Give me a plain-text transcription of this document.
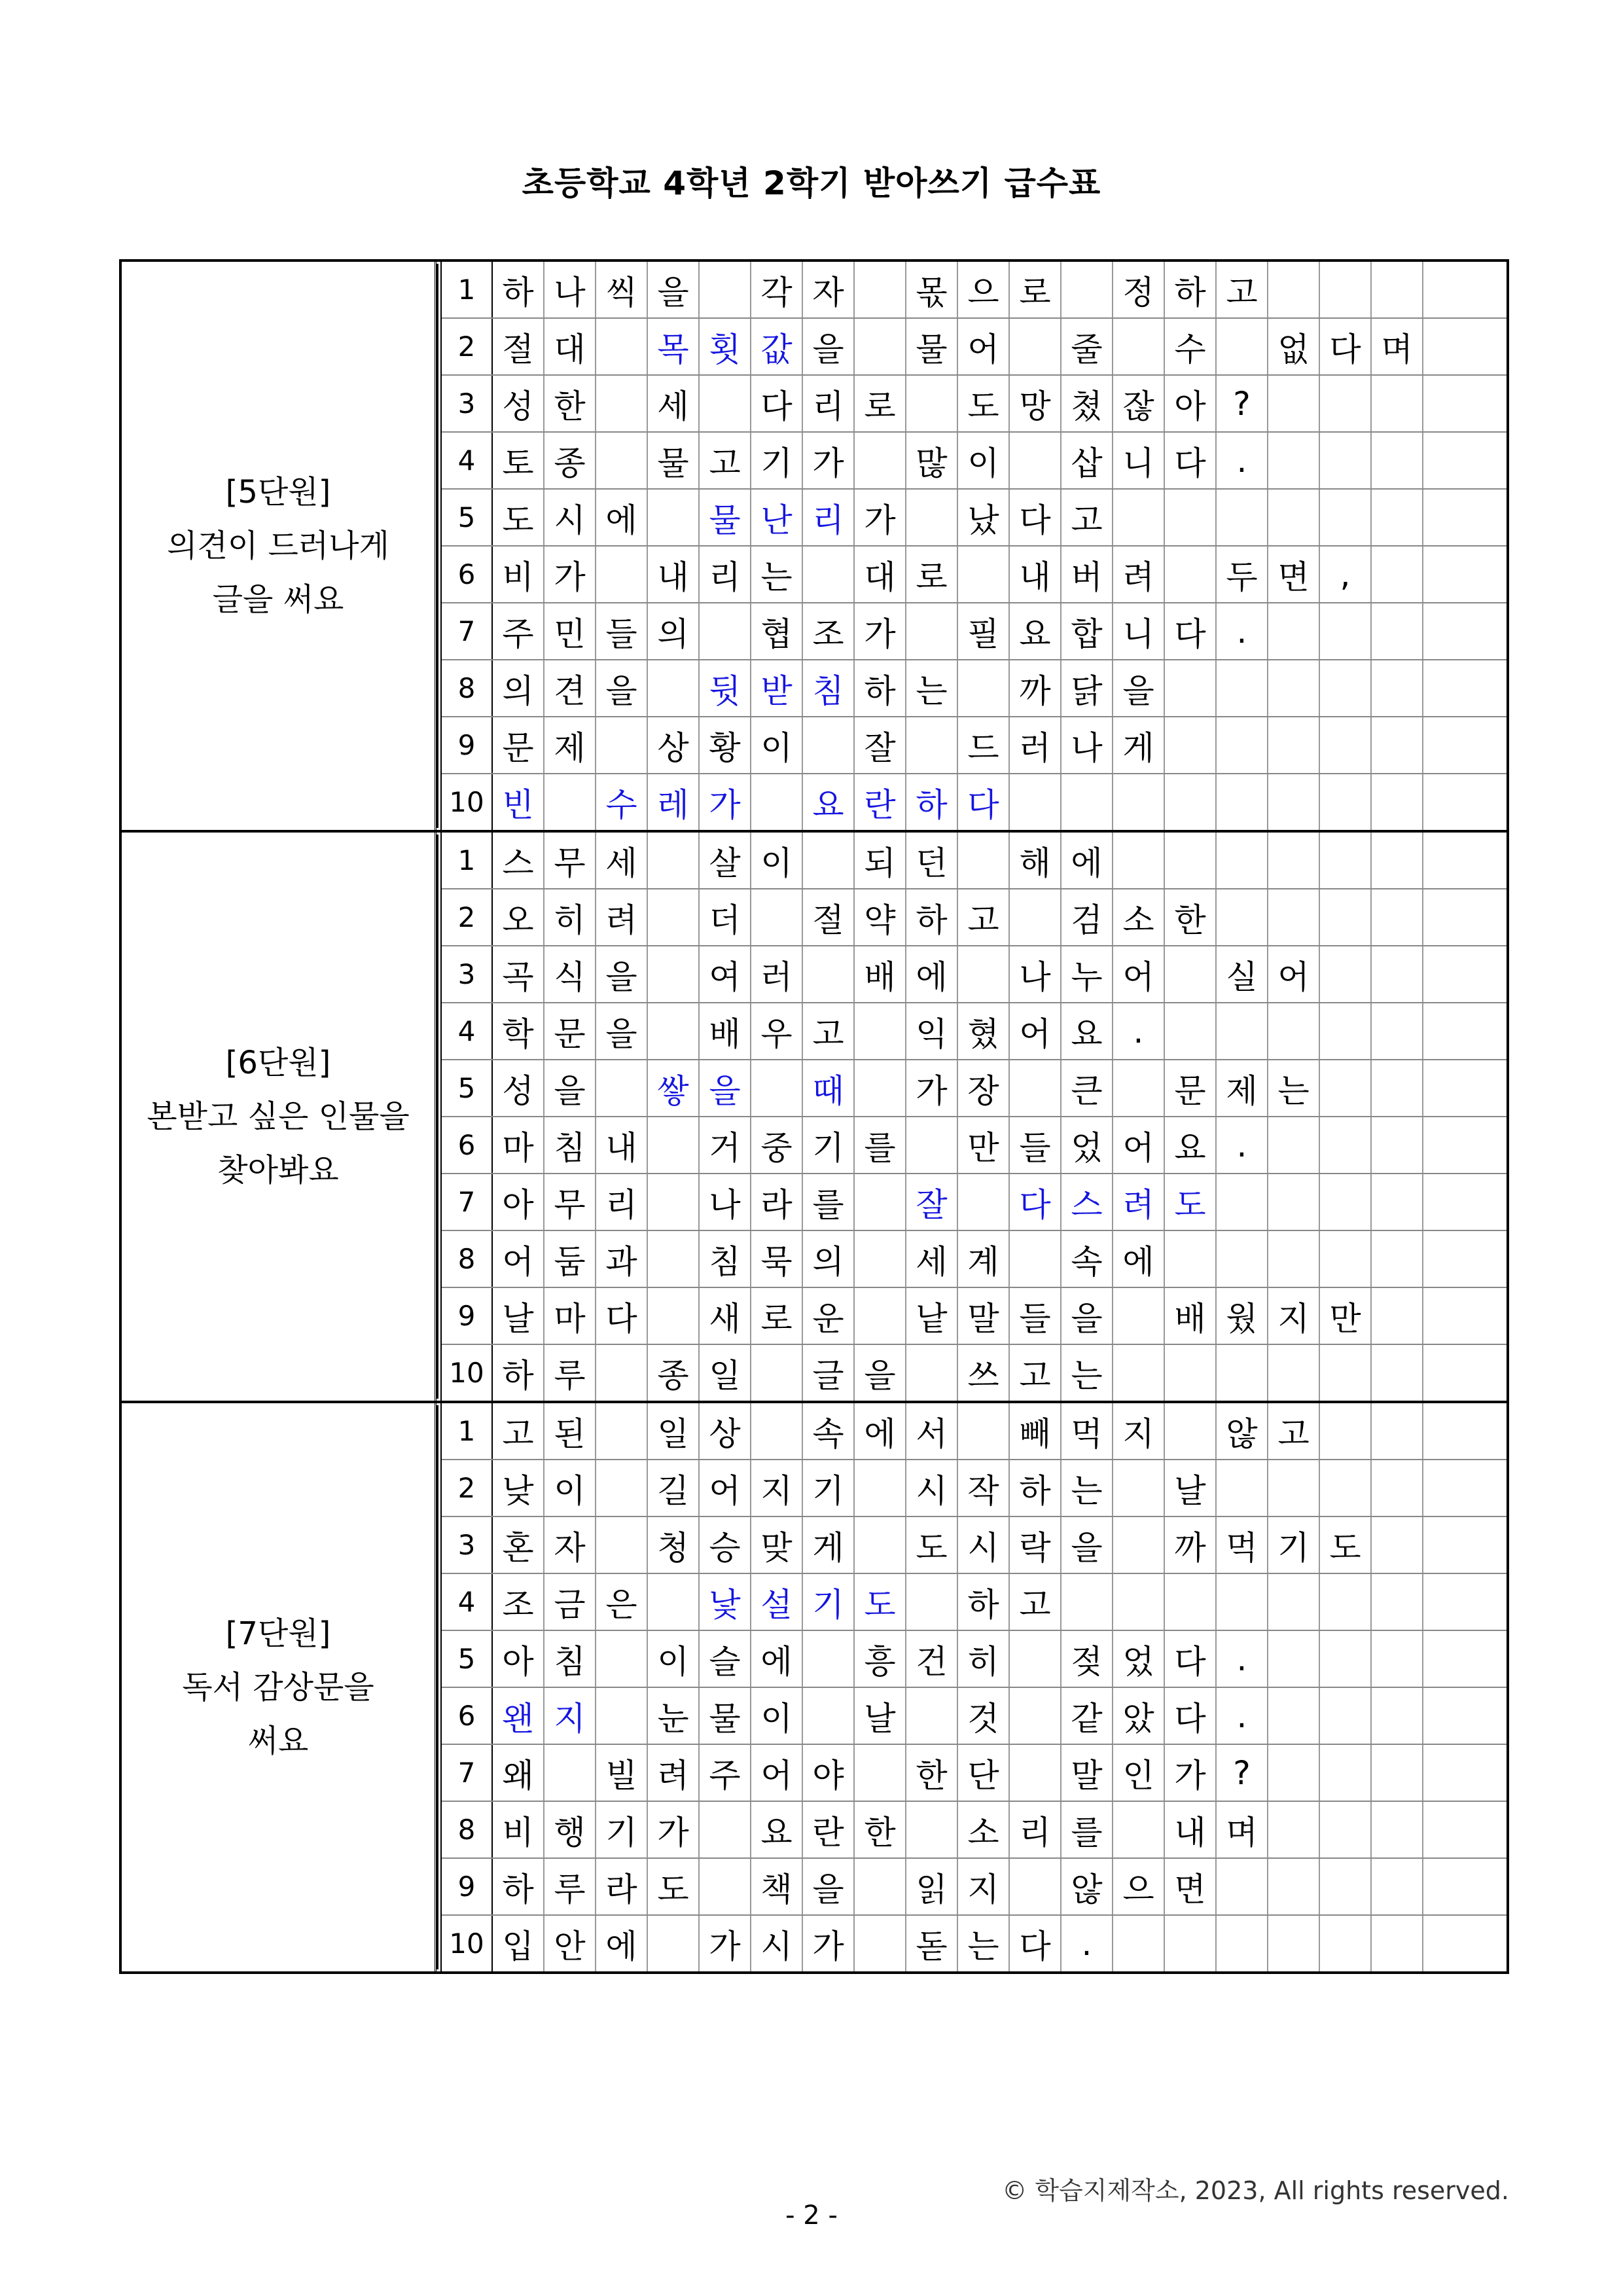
초등학교 4학년 2학기 받아쓰기 급수표
[5단원]
의견이 드러나게
글을 써요
1 하 나 씩 을	각 자	몫 으 로	정 하 고
2 절 대	목 횟 값 을	물 어	줄	수	없 다 며
3 성 한	세	다 리 로	도 망 쳤 잖 아 ?
4 토 종	물 고 기 가	많 이	삽 니 다 .
5 도 시 에	물 난 리 가	났 다 고
6 비 가	내 리 는	대 로	내 버 려	두 면 ,
7 주 민 들 의	협 조 가	필 요 합 니 다 .
8 의 견 을	뒷 받 침 하 는	까 닭 을
9 문 제	상 황 이	잘	드 러 나 게
10 빈	수 레 가	요 란 하 다
[6단원]
본받고 싶은 인물을
찾아봐요
1 스 무 세	살 이	되 던	해 에
2 오 히 려	더	절 약 하 고	검 소 한
3 곡 식 을	여 러	배 에	나 누 어	실 어
4 학 문 을	배 우 고	익 혔 어 요 .
5 성 을	쌓 을	때	가 장	큰	문 제 는
6 마 침 내	거 중 기 를	만 들 었 어 요 .
7 아 무 리	나 라 를	잘	다 스 려 도
8 어 둠 과	침 묵 의	세 계	속 에
9 날 마 다	새 로 운	낱 말 들 을	배 웠 지 만
10 하 루	종 일	글 을	쓰 고 는
[7단원]
독서 감상문을
써요
1 고 된	일 상	속 에 서	빼 먹 지	않 고
2 낮 이	길 어 지 기	시 작 하 는	날
3 혼 자	청 승 맞 게	도 시 락 을	까 먹 기 도
4 조 금 은	낯 설 기 도	하 고
5 아 침	이 슬 에	흥 건 히	젖 었 다 .
6 왠 지	눈 물 이	날	것	같 았 다 .
7 왜	빌 려 주 어 야	한 단	말 인 가 ?
8 비 행 기 가	요 란 한	소 리 를	내 며
9 하 루 라 도	책 을	읽 지	않 으 면
10 입 안 에	가 시 가	돋 는 다 .
© 학습지제작소, 2023, All rights reserved.
- 2 -
